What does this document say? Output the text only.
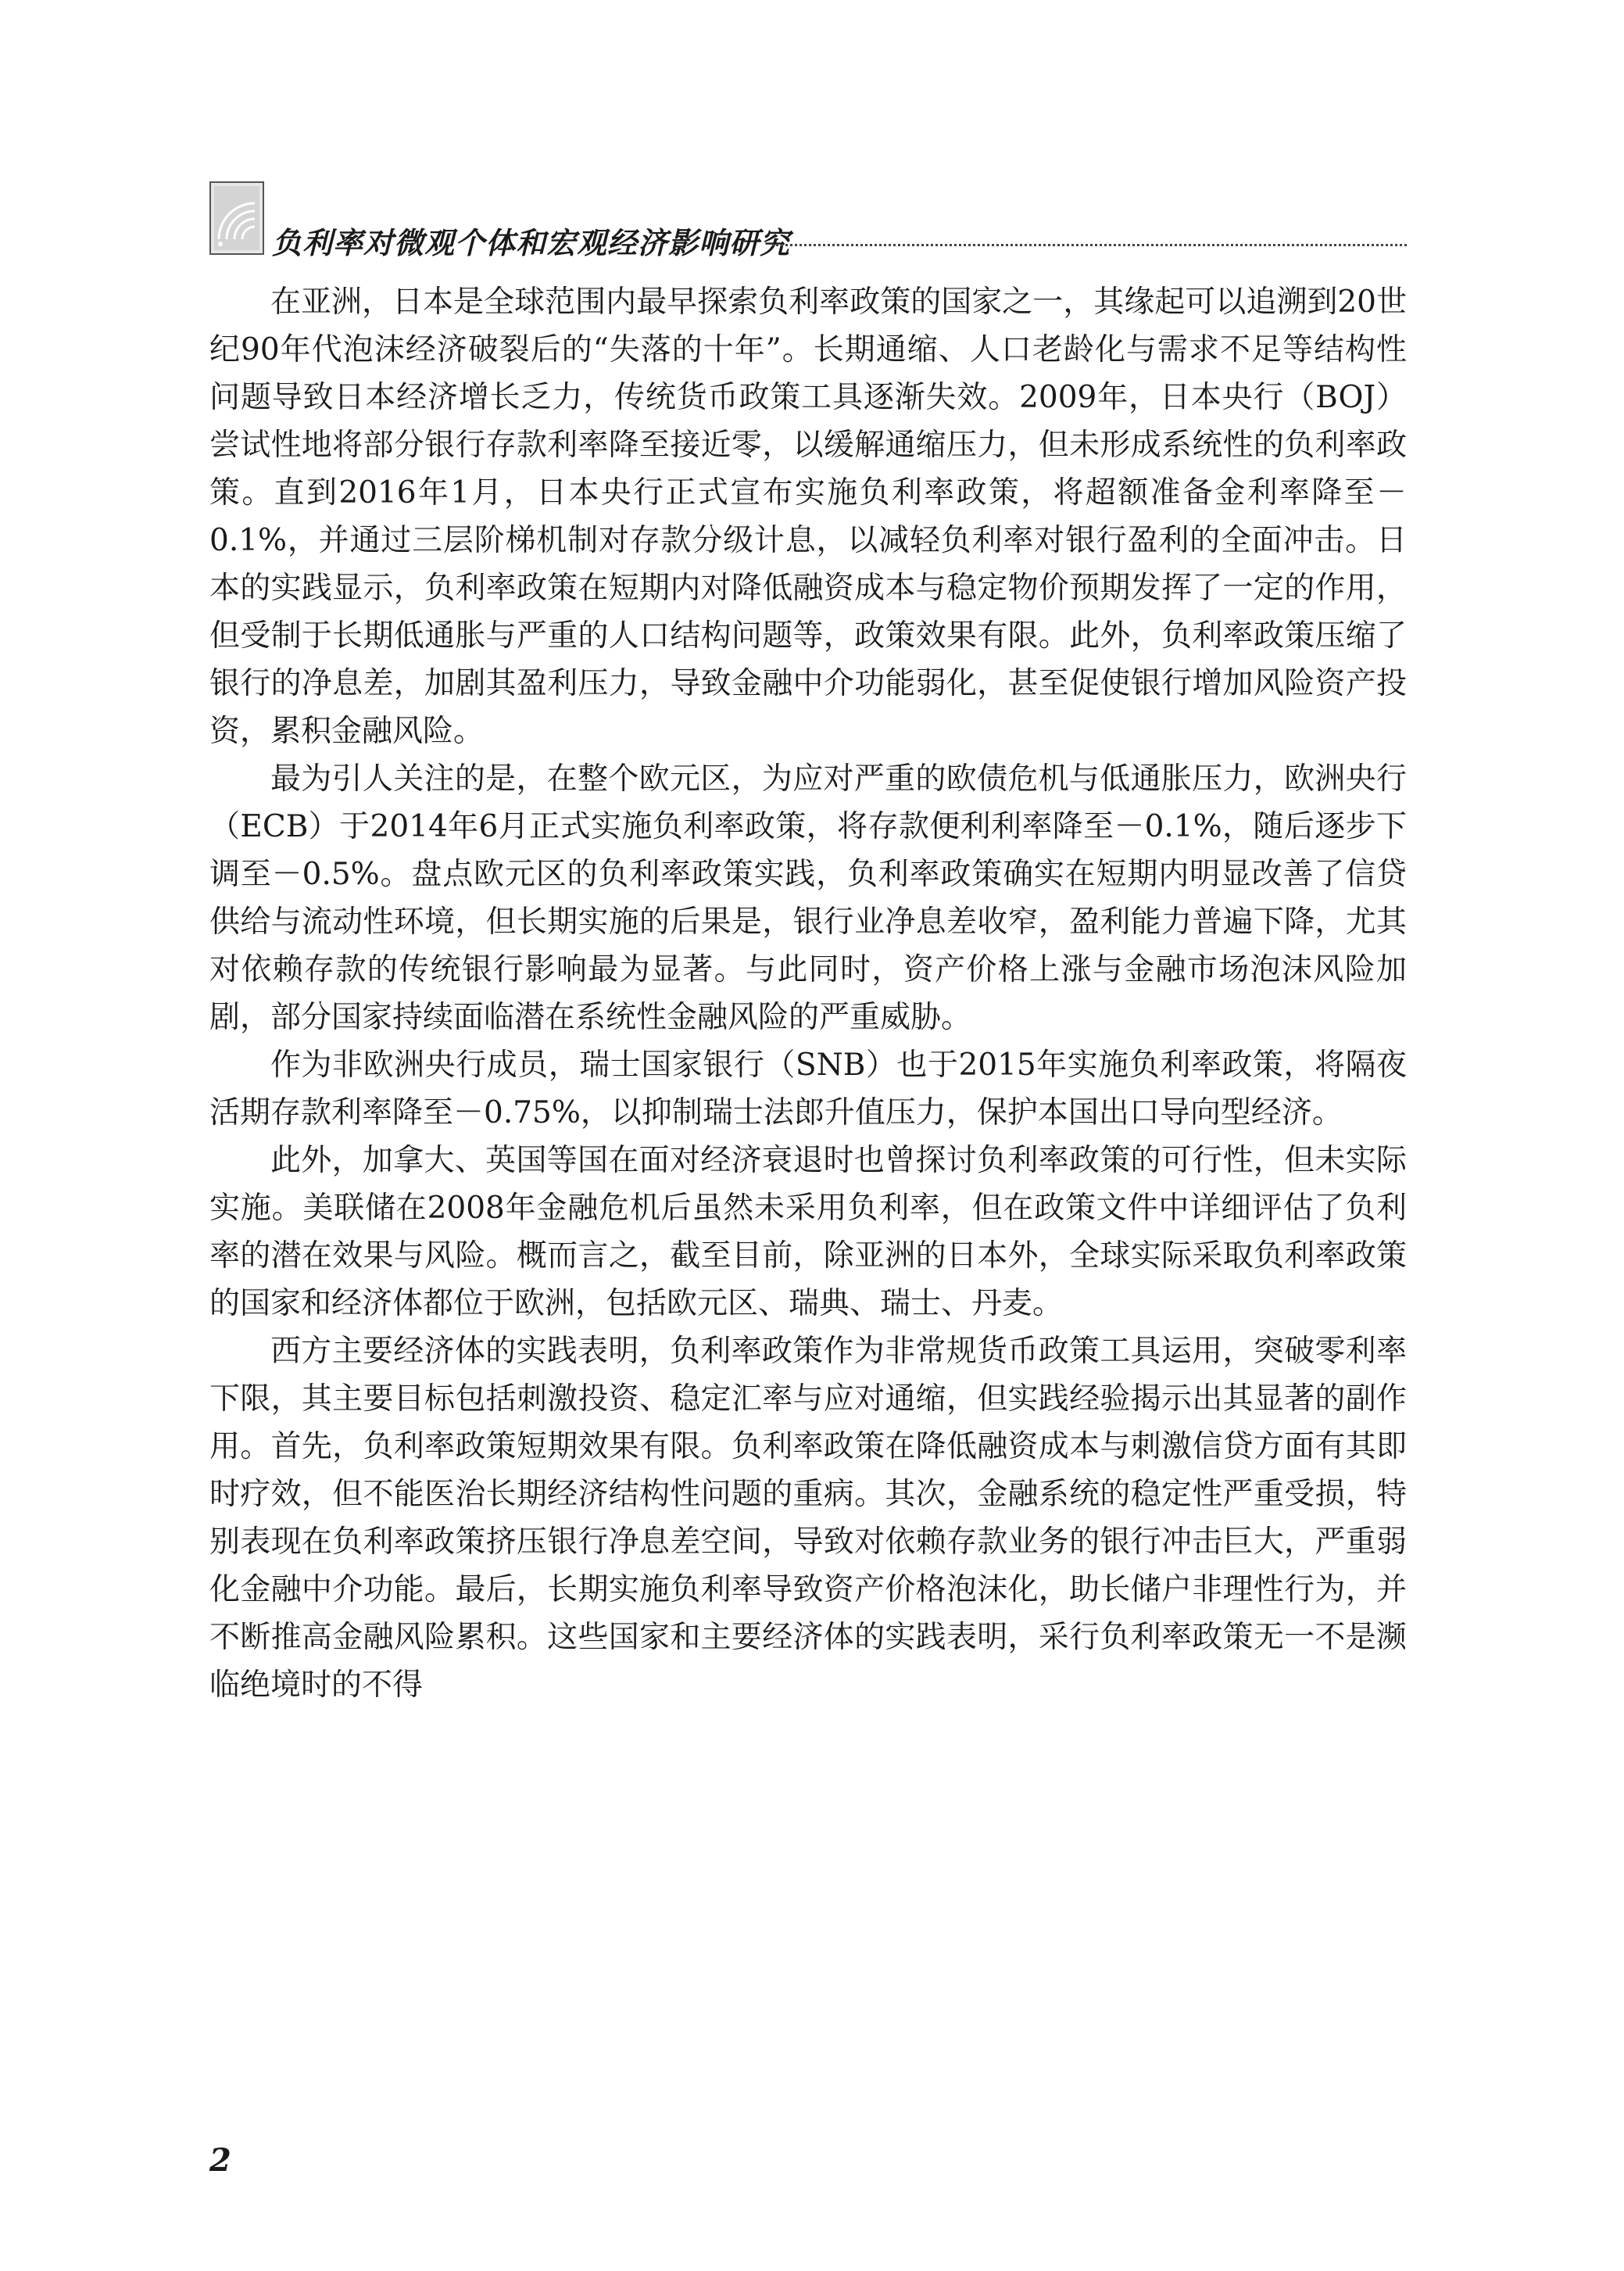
负利率对微观个体和宏观经济影响研究

在亚洲，日本是全球范围内最早探索负利率政策的国家之一，其缘起可以追溯到20世纪90年代泡沫经济破裂后的“失落的十年”。长期通缩、人口老龄化与需求不足等结构性问题导致日本经济增长乏力，传统货币政策工具逐渐失效。2009年，日本央行（BOJ）尝试性地将部分银行存款利率降至接近零，以缓解通缩压力，但未形成系统性的负利率政策。直到2016年1月，日本央行正式宣布实施负利率政策，将超额准备金利率降至－0.1%，并通过三层阶梯机制对存款分级计息，以减轻负利率对银行盈利的全面冲击。日本的实践显示，负利率政策在短期内对降低融资成本与稳定物价预期发挥了一定的作用，但受制于长期低通胀与严重的人口结构问题等，政策效果有限。此外，负利率政策压缩了银行的净息差，加剧其盈利压力，导致金融中介功能弱化，甚至促使银行增加风险资产投资，累积金融风险。

最为引人关注的是，在整个欧元区，为应对严重的欧债危机与低通胀压力，欧洲央行（ECB）于2014年6月正式实施负利率政策，将存款便利利率降至－0.1%，随后逐步下调至－0.5%。盘点欧元区的负利率政策实践，负利率政策确实在短期内明显改善了信贷供给与流动性环境，但长期实施的后果是，银行业净息差收窄，盈利能力普遍下降，尤其对依赖存款的传统银行影响最为显著。与此同时，资产价格上涨与金融市场泡沫风险加剧，部分国家持续面临潜在系统性金融风险的严重威胁。

作为非欧洲央行成员，瑞士国家银行（SNB）也于2015年实施负利率政策，将隔夜活期存款利率降至－0.75%，以抑制瑞士法郎升值压力，保护本国出口导向型经济。

此外，加拿大、英国等国在面对经济衰退时也曾探讨负利率政策的可行性，但未实际实施。美联储在2008年金融危机后虽然未采用负利率，但在政策文件中详细评估了负利率的潜在效果与风险。概而言之，截至目前，除亚洲的日本外，全球实际采取负利率政策的国家和经济体都位于欧洲，包括欧元区、瑞典、瑞士、丹麦。

西方主要经济体的实践表明，负利率政策作为非常规货币政策工具运用，突破零利率下限，其主要目标包括刺激投资、稳定汇率与应对通缩，但实践经验揭示出其显著的副作用。首先，负利率政策短期效果有限。负利率政策在降低融资成本与刺激信贷方面有其即时疗效，但不能医治长期经济结构性问题的重病。其次，金融系统的稳定性严重受损，特别表现在负利率政策挤压银行净息差空间，导致对依赖存款业务的银行冲击巨大，严重弱化金融中介功能。最后，长期实施负利率导致资产价格泡沫化，助长储户非理性行为，并不断推高金融风险累积。这些国家和主要经济体的实践表明，采行负利率政策无一不是濒临绝境时的不得

2
